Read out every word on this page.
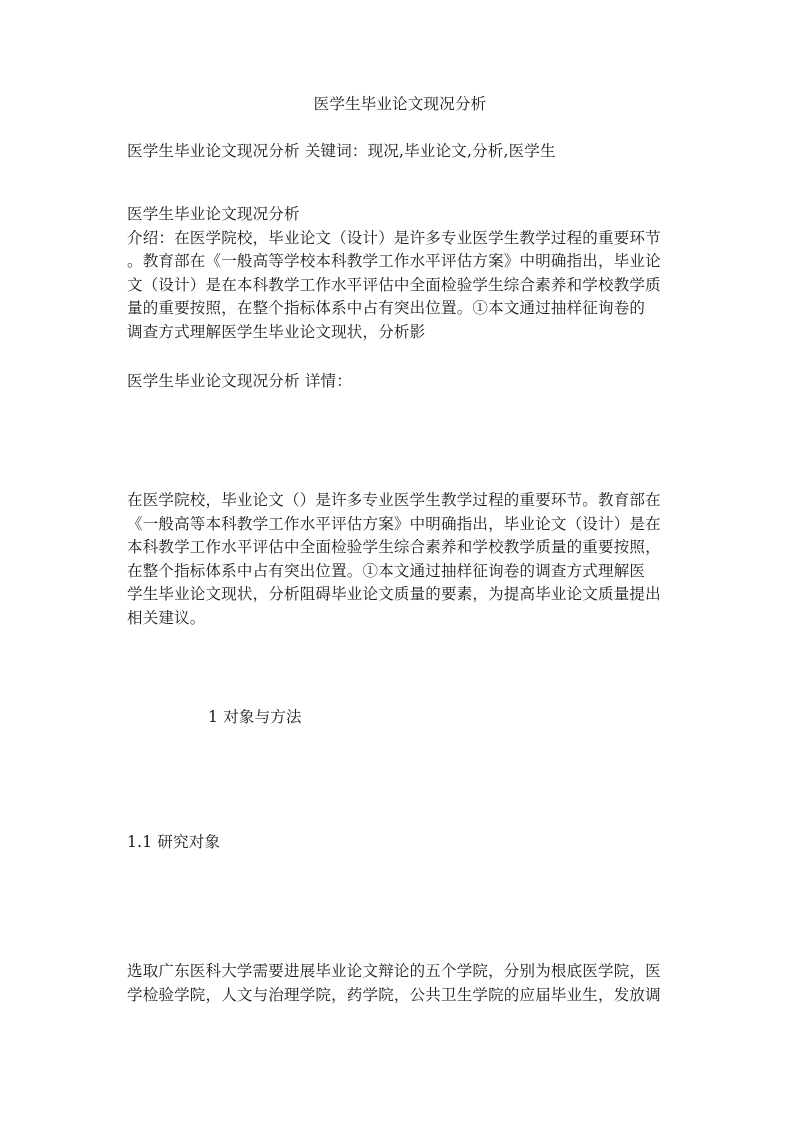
医学生毕业论文现况分析
医学生毕业论文现况分析 关键词：现况,毕业论文,分析,医学生
医学生毕业论文现况分析
介绍：在医学院校，毕业论文（设计）是许多专业医学生教学过程的重要环节
。教育部在《一般高等学校本科教学工作水平评估方案》中明确指出，毕业论
文（设计）是在本科教学工作水平评估中全面检验学生综合素养和学校教学质
量的重要按照，在整个指标体系中占有突出位置。①本文通过抽样征询卷的
调查方式理解医学生毕业论文现状，分析影
医学生毕业论文现况分析 详情：
在医学院校，毕业论文（）是许多专业医学生教学过程的重要环节。教育部在
《一般高等本科教学工作水平评估方案》中明确指出，毕业论文（设计）是在
本科教学工作水平评估中全面检验学生综合素养和学校教学质量的重要按照，
在整个指标体系中占有突出位置。①本文通过抽样征询卷的调查方式理解医
学生毕业论文现状，分析阻碍毕业论文质量的要素，为提高毕业论文质量提出
相关建议。
1 对象与方法
1.1 研究对象
选取广东医科大学需要进展毕业论文辩论的五个学院，分别为根底医学院，医
学检验学院，人文与治理学院，药学院，公共卫生学院的应届毕业生，发放调
